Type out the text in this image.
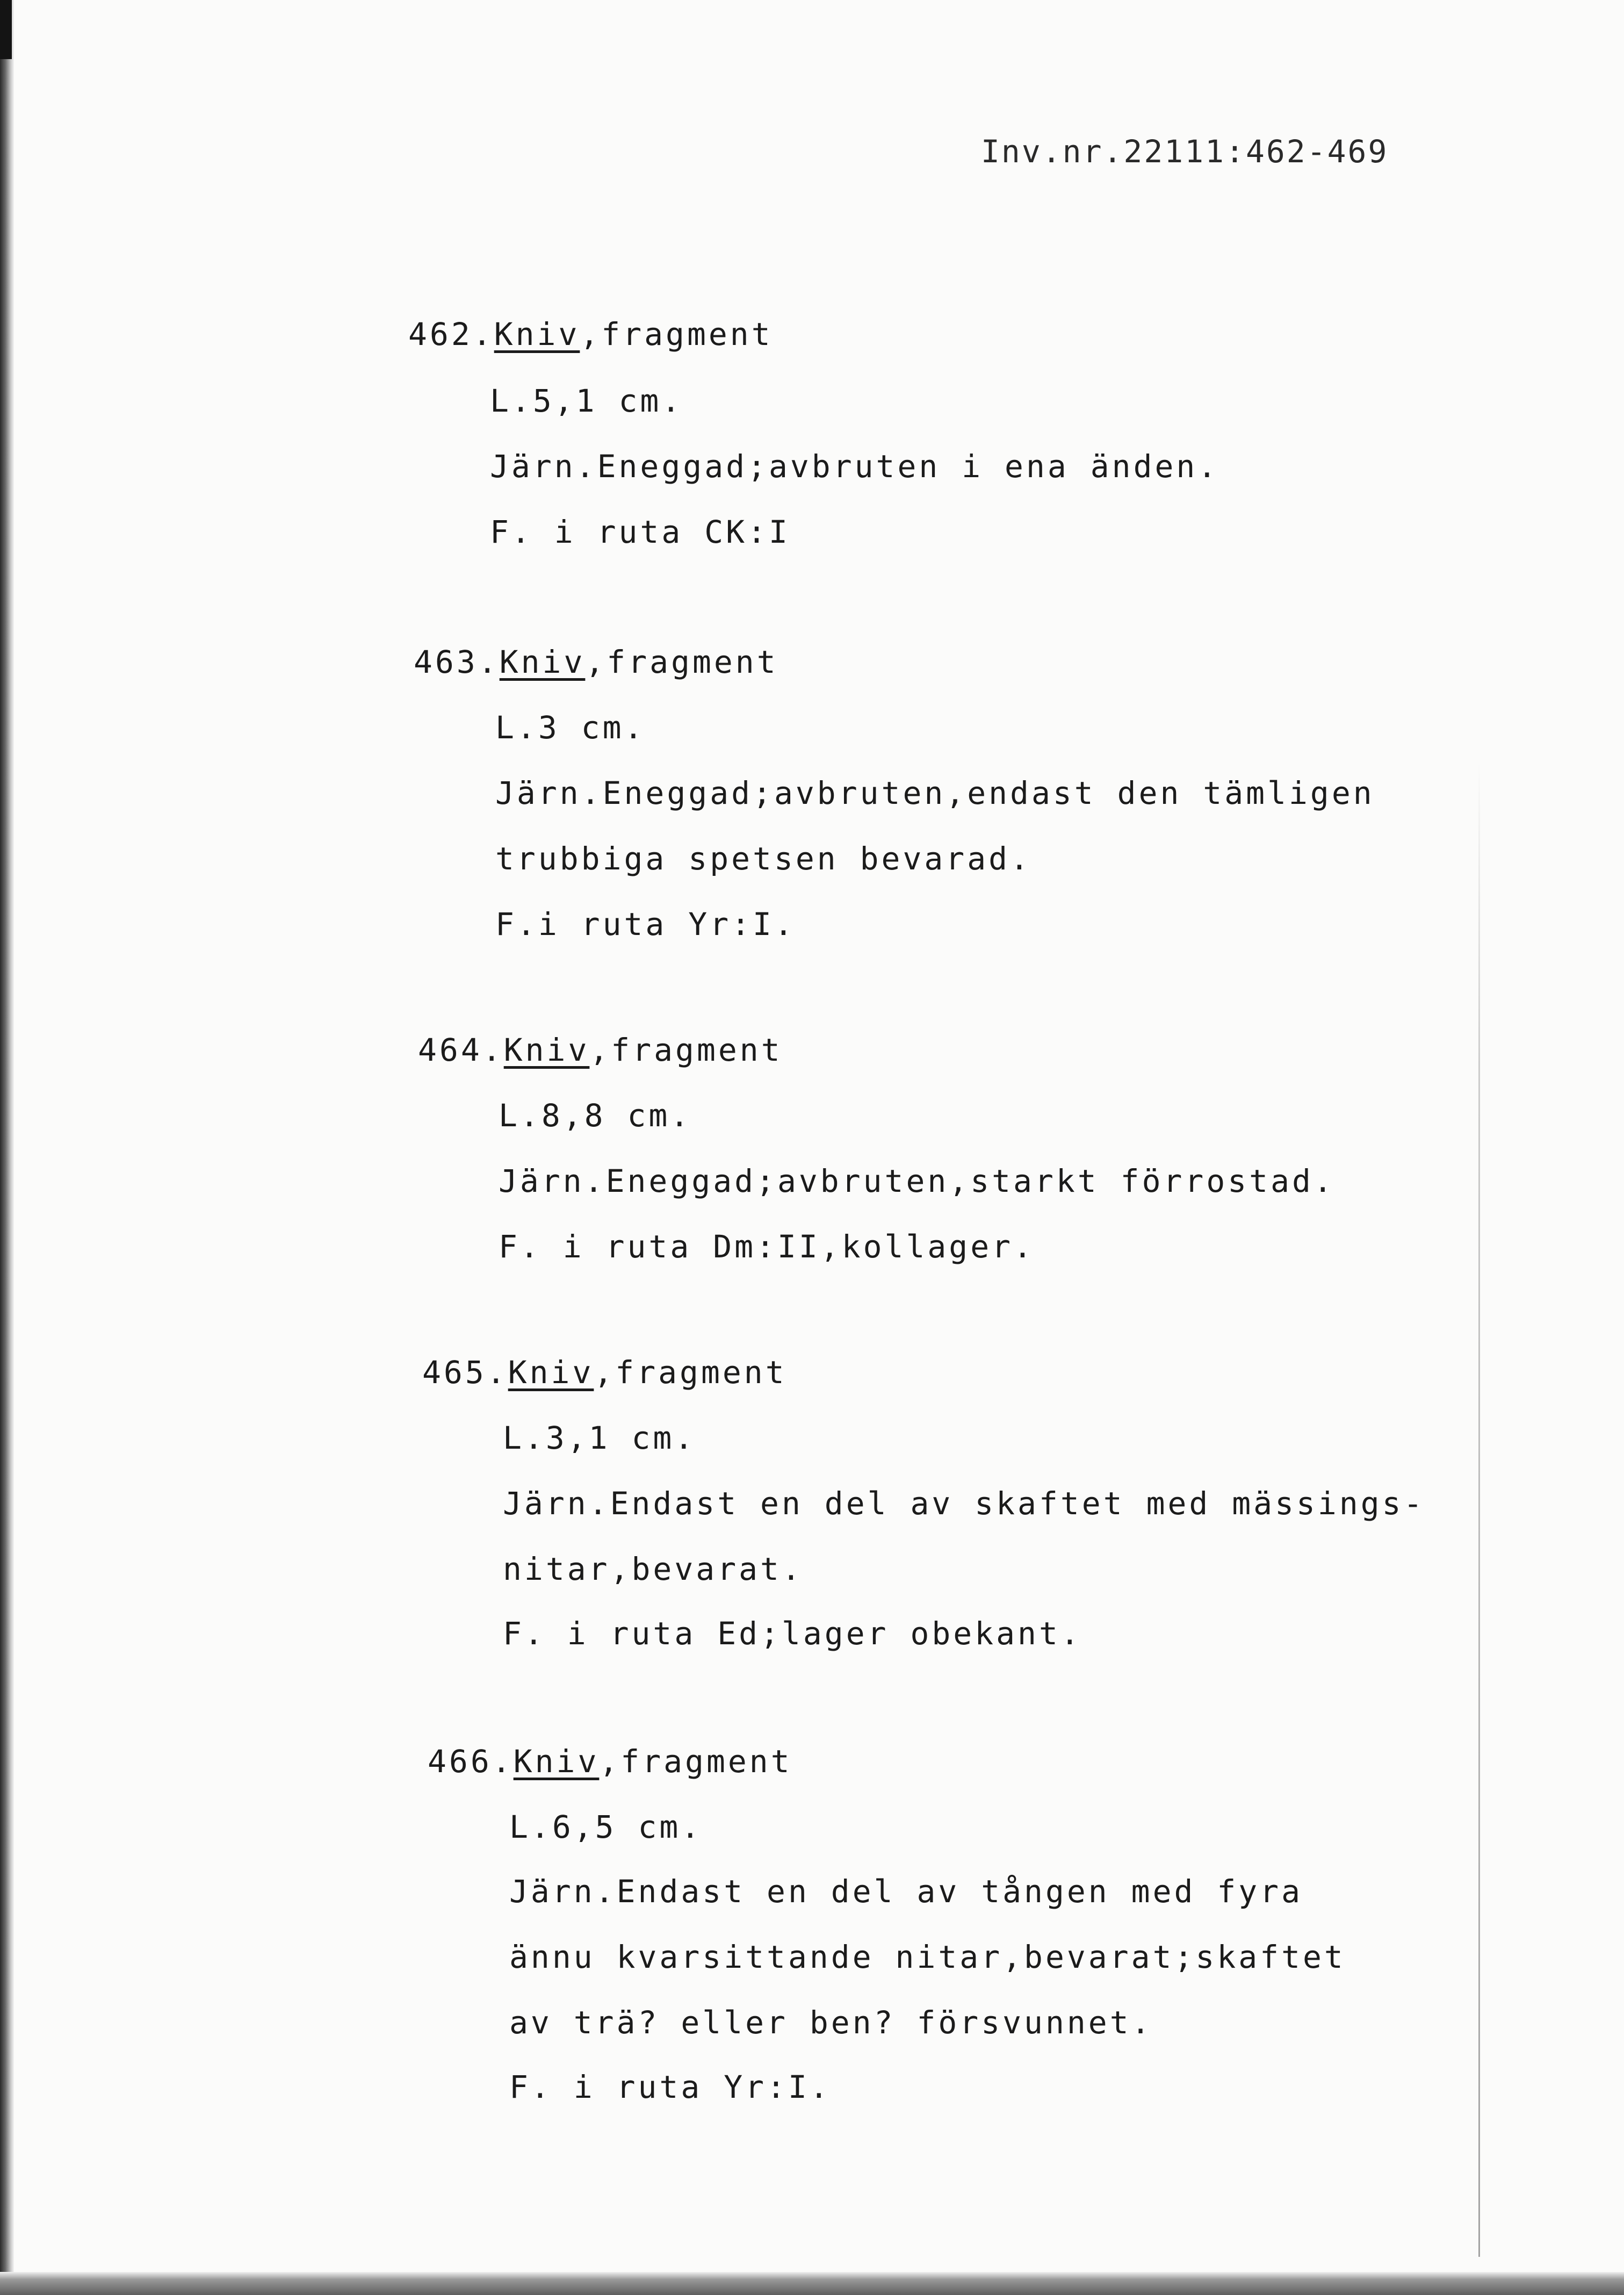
Inv.nr.22111:462-469
462.Kniv,fragment
L.5,1 cm.
Järn.Eneggad;avbruten i ena änden.
F. i ruta CK:I
463.Kniv,fragment
L.3 cm.
Järn.Eneggad;avbruten,endast den tämligen
trubbiga spetsen bevarad.
F.i ruta Yr:I.
464.Kniv,fragment
L.8,8 cm.
Järn.Eneggad;avbruten,starkt förrostad.
F. i ruta Dm:II,kollager.
465.Kniv,fragment
L.3,1 cm.
Järn.Endast en del av skaftet med mässings-
nitar,bevarat.
F. i ruta Ed;lager obekant.
466.Kniv,fragment
L.6,5 cm.
Järn.Endast en del av tången med fyra
ännu kvarsittande nitar,bevarat;skaftet
av trä? eller ben? försvunnet.
F. i ruta Yr:I.
